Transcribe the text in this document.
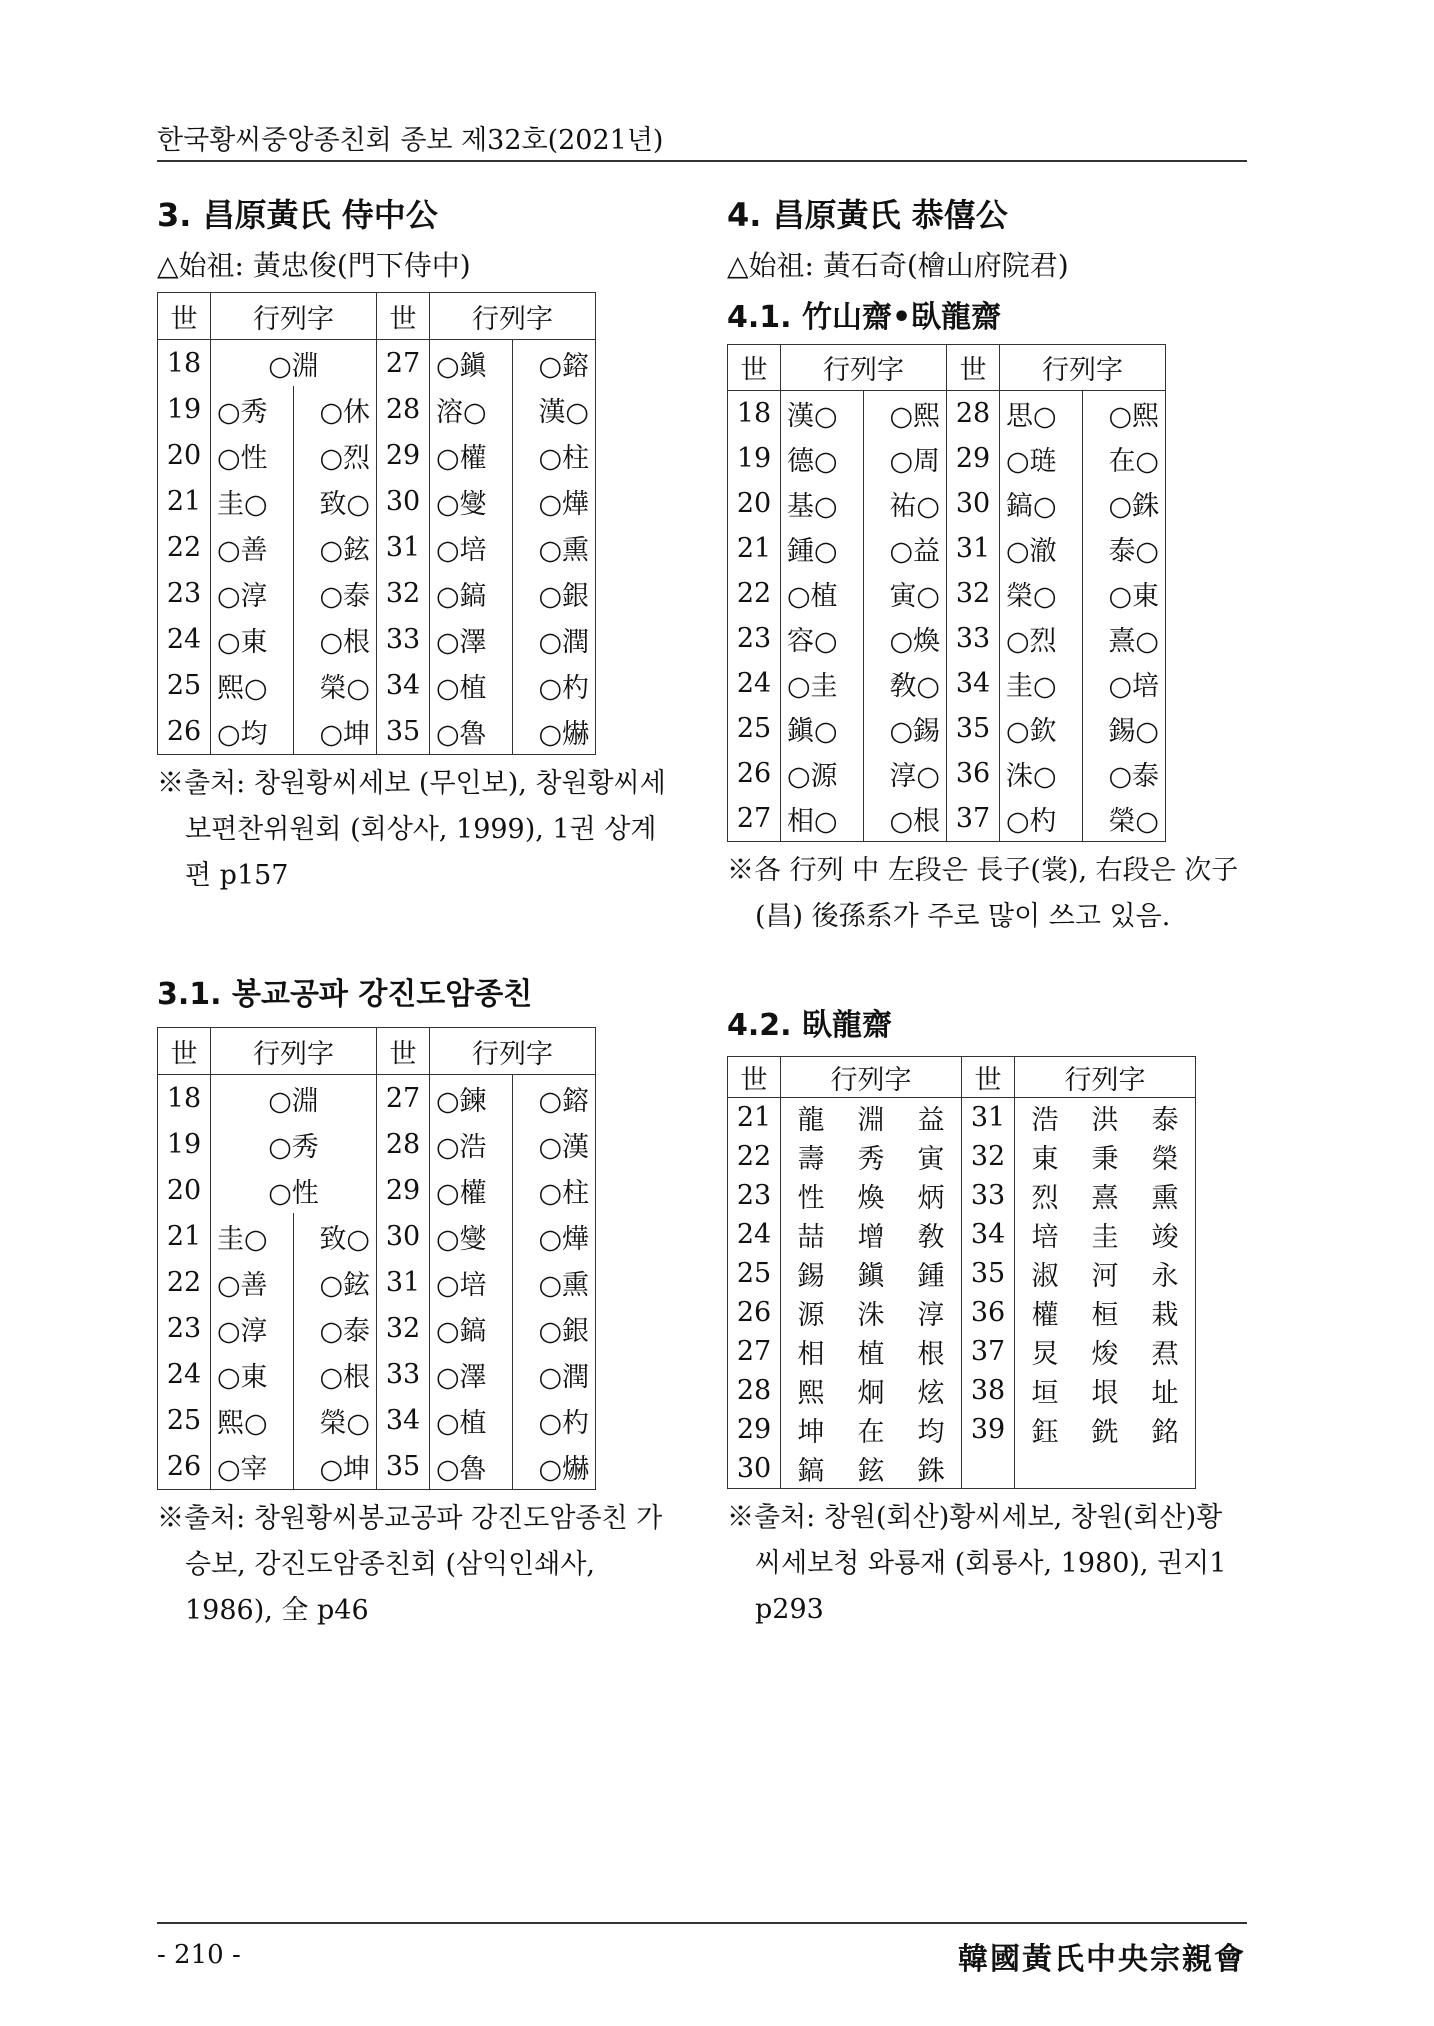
한국황씨중앙종친회 종보 제32호(2021년)
3. 昌原黃氏 侍中公
△始祖: 黃忠俊(門下侍中)
世	行列字		世	行列字	
18	○淵		27	○鎭	○鎔
19	○秀	○休	28	溶○	漢○
20	○性	○烈	29	○權	○柱
21	圭○	致○	30	○燮	○燁
22	○善	○鉉	31	○培	○熏
23	○淳	○泰	32	○鎬	○銀
24	○東	○根	33	○澤	○潤
25	熙○	榮○	34	○植	○杓
26	○均	○坤	35	○魯	○爀
※출처: 창원황씨세보 (무인보), 창원황씨세보편찬위원회 (회상사, 1999), 1권 상계편 p157
3.1. 봉교공파 강진도암종친
世	行列字		世	行列字	
18	○淵		27	○鍊	○鎔
19	○秀		28	○浩	○漢
20	○性		29	○權	○柱
21	圭○	致○	30	○燮	○燁
22	○善	○鉉	31	○培	○熏
23	○淳	○泰	32	○鎬	○銀
24	○東	○根	33	○澤	○潤
25	熙○	榮○	34	○植	○杓
26	○宰	○坤	35	○魯	○爀
※출처: 창원황씨봉교공파 강진도암종친 가승보, 강진도암종친회 (삼익인쇄사, 1986), 全 p46
4. 昌原黃氏 恭僖公
△始祖: 黃石奇(檜山府院君)
4.1. 竹山齋•臥龍齋
世	行列字		世	行列字	
18	漢○	○熙	28	思○	○熙
19	德○	○周	29	○琏	在○
20	基○	祐○	30	鎬○	○銖
21	鍾○	○益	31	○澈	泰○
22	○植	寅○	32	榮○	○東
23	容○	○煥	33	○烈	熹○
24	○圭	敎○	34	圭○	○培
25	鎭○	○錫	35	○欽	錫○
26	○源	淳○	36	洙○	○泰
27	相○	○根	37	○杓	榮○
※各 行列 中 左段은 長子(裳), 右段은 次子(昌) 後孫系가 주로 많이 쓰고 있음.
4.2. 臥龍齋
世	行列字			世	行列字		
21	龍	淵	益	31	浩	洪	泰
22	壽	秀	寅	32	東	秉	榮
23	性	煥	炳	33	烈	熹	熏
24	喆	增	敎	34	培	圭	竣
25	錫	鎭	鍾	35	淑	河	永
26	源	洙	淳	36	權	桓	栽
27	相	植	根	37	炅	焌	焄
28	熙	炯	炫	38	垣	垠	址
29	坤	在	均	39	鈺	銑	銘
30	鎬	鉉	銖				
※출처: 창원(회산)황씨세보, 창원(회산)황씨세보청 와룡재 (회룡사, 1980), 권지1 p293
- 210 -	韓國黃氏中央宗親會
